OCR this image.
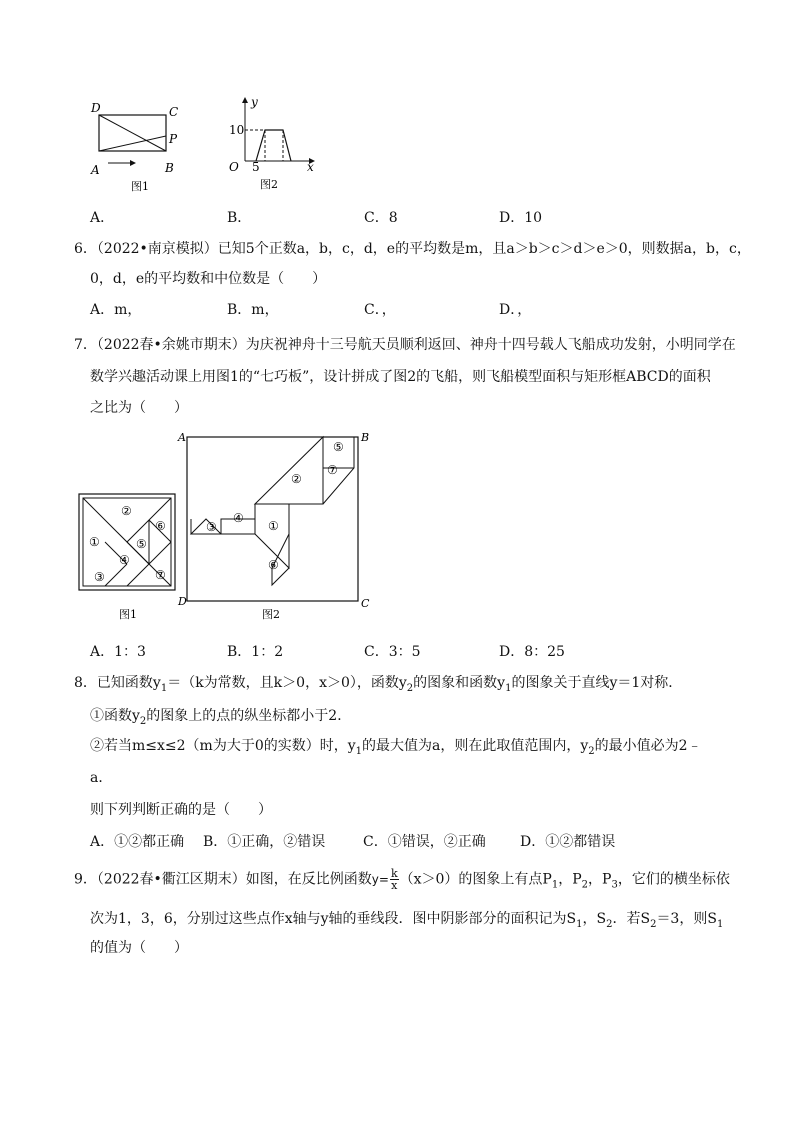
D	C
P
A	B
图1
y
x
O 5
10
图2
A．	B．	C．8	D．10
6．（2022•南京模拟）已知5个正数a，b，c，d，e的平均数是m，且a＞b＞c＞d＞e＞0，则数据a，b，c，
0，d，e的平均数和中位数是（　　）
A．m，	B．m，	C．，	D．，
7．（2022春•余姚市期末）为庆祝神舟十三号航天员顺利返回、神舟十四号载人飞船成功发射，小明同学在
数学兴趣活动课上用图1的“七巧板”，设计拼成了图2的飞船，则飞船模型面积与矩形框ABCD的面积
之比为（　　）
②
①
③
④
⑤
⑥
⑦
图1
③
④
①
②
⑤
⑦
⑥
A	B
D	C
图2
A．1：3	B．1：2	C．3：5	D．8：25
8．已知函数$y_1=(k$为常数，且k＞0，x＞0），函数$y_2$的图象和函数$y_1$的图象关于直线y＝1对称．
①函数$y_2$的图象上的点的纵坐标都小于2．
②若当m≤x≤2（m为大于0的实数）时，$y_1$的最大值为a，则在此取值范围内，$y_2$的最小值必为2﹣
a．
则下列判断正确的是（　　）
A．①②都正确 B．①正确，②错误	C．①错误，②正确 D．①②都错误
9．（2022春•衢江区期末）如图，在反比例函数$y= \frac{k}{x} (x>0)$的图象上有点$P_1$，$P_2$，$P_3$，它们的横坐标依
次为1，3，6，分别过这些点作x轴与y轴的垂线段．图中阴影部分的面积记为$S_1$，$S_2$．若$S_2=3$，则$S_1$
的值为（　　）
